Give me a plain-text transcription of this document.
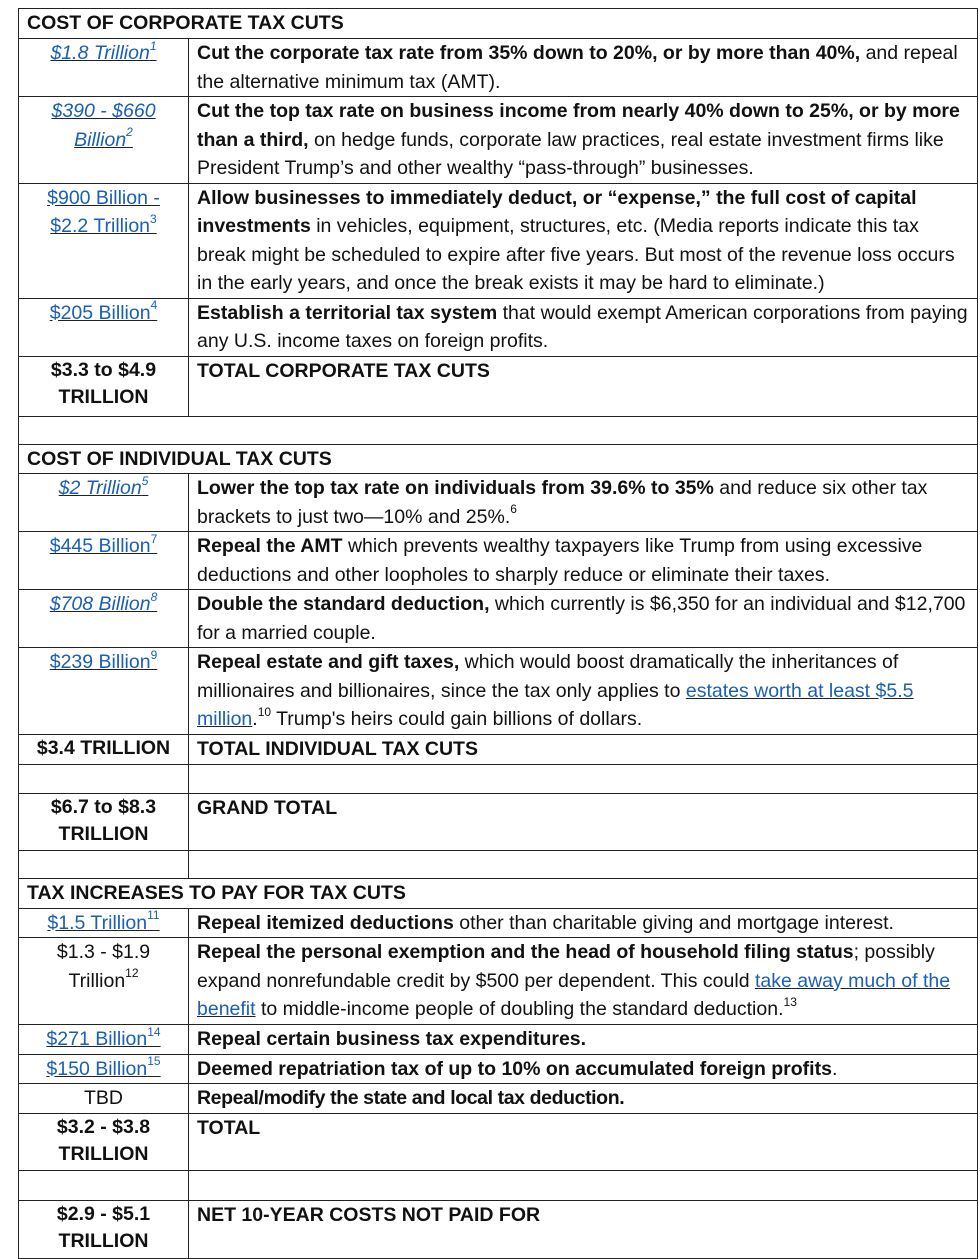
COST OF CORPORATE TAX CUTS	
$1.8 Trillion$^1$	Cut the corporate tax rate from 35% down to 20%, or by more than 40%, and repeal the alternative minimum tax (AMT).
$390 - $660
Billion$^2$	Cut the top tax rate on business income from nearly 40% down to 25%, or by more than a third, on hedge funds, corporate law practices, real estate investment firms like President Trump’s and other wealthy “pass-through” businesses.
$900 Billion -
$2.2 Trillion$^3$	Allow businesses to immediately deduct, or “expense,” the full cost of capital investments in vehicles, equipment, structures, etc. (Media reports indicate this tax break might be scheduled to expire after five years. But most of the revenue loss occurs in the early years, and once the break exists it may be hard to eliminate.)
$205 Billion$^4$	Establish a territorial tax system that would exempt American corporations from paying any U.S. income taxes on foreign profits.
$3.3 to $4.9
TRILLION	TOTAL CORPORATE TAX CUTS

COST OF INDIVIDUAL TAX CUTS	
$2 Trillion$^5$	Lower the top tax rate on individuals from 39.6% to 35% and reduce six other tax brackets to just two—10% and 25%.$^6$
$445 Billion$^7$	Repeal the AMT which prevents wealthy taxpayers like Trump from using excessive deductions and other loopholes to sharply reduce or eliminate their taxes.
$708 Billion$^8$	Double the standard deduction, which currently is $6,350 for an individual and $12,700 for a married couple.
$239 Billion$^9$	Repeal estate and gift taxes, which would boost dramatically the inheritances of millionaires and billionaires, since the tax only applies to estates worth at least $5.5 million.$^{10}$ Trump's heirs could gain billions of dollars.
$3.4 TRILLION	TOTAL INDIVIDUAL TAX CUTS

$6.7 to $8.3
TRILLION	GRAND TOTAL

TAX INCREASES TO PAY FOR TAX CUTS	
$1.5 Trillion$^{11}$	Repeal itemized deductions other than charitable giving and mortgage interest.
$1.3 - $1.9
Trillion$^{12}$	Repeal the personal exemption and the head of household filing status; possibly expand nonrefundable credit by $500 per dependent. This could take away much of the benefit to middle-income people of doubling the standard deduction.$^{13}$
$271 Billion$^{14}$	Repeal certain business tax expenditures.
$150 Billion$^{15}$	Deemed repatriation tax of up to 10% on accumulated foreign profits.
TBD	Repeal/modify the state and local tax deduction.
$3.2 - $3.8
TRILLION	TOTAL

$2.9 - $5.1
TRILLION	NET 10-YEAR COSTS NOT PAID FOR
